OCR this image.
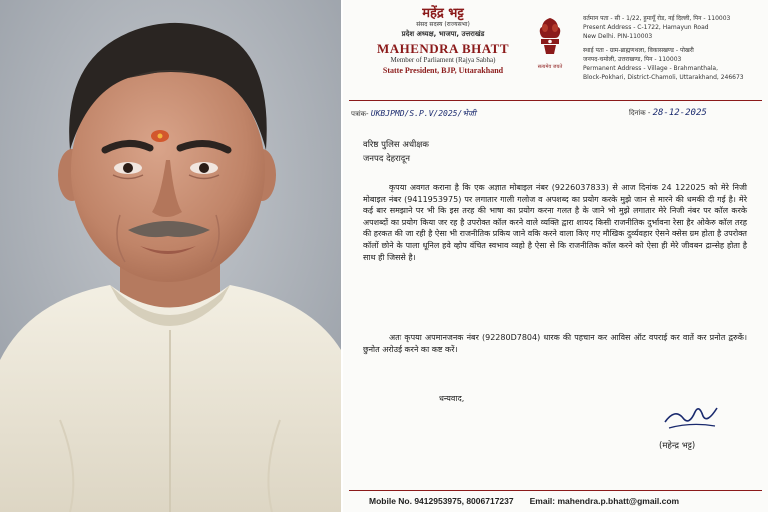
महेंद्र भट्ट
संसद सदस्य (राज्यसभा)
प्रदेश अध्यक्ष, भाजपा, उत्तराखंड
MAHENDRA BHATT
Member of Parliament (Rajya Sabha)
Statte President, BJP, Uttarakhand	सत्यमेव जयते
वर्तमान पता - सी - 1/22, हुमायूँ रोड, नई दिल्ली, पिन - 110003
Present Address - C-1722, Hamayun Road
New Delhi. PIN-110003
स्थाई पता - ग्राम-ब्राह्मणथला, विकासखण्ड - पोखरी
जनपद-चमोली, उत्तराखण्ड, पिन - 110003
Permanent Address - Village - Brahmanthala,
Block-Pokhari, District-Chamoli, Uttarakhand, 246673
पत्रांक- UKBJPMD/S.P.V/2025/भेजी	दिनांक - 28-12-2025
वरिष्ठ पुलिस अधीक्षक
जनपद देहरादून

कृपया अवगत कराना है कि एक अज्ञात मोबाइल नंबर (9226037833) से आज दिनांक 24 122025 को मेरे निजी मोबाइल नंबर (9411953975) पर लगातार गाली गलोज व अपशब्द का प्रयोग करके मुझे जान से मारने की धमकी दी गई है। मेरे कई बार समझाने पर भी कि इस तरह की भाषा का प्रयोग करना गलत है के जाने भो मुझे लगातार मेरे निजी नंबर पर कॉल करके अपशब्दों का प्रयोग किया जर रह है उपरोक्त कॉल करने वाले व्यक्ति द्वारा शायद किसी राजनीतिक दुर्भावना रेसा हैर ओकेरु कॉल तरह की हरकत की जा रही है ऐसा भी राजनीतिक प्रकिय जाने वकि करने वाला किए गए मौखिक दुर्व्यवहार ऐसने क्सेस ग्रम होता है उपरोक्त कॉलों छोने के पाला धूनिल हवे व्होप वंचित स्वभाव व्वहो है ऐसा से कि राजनीतिक कॉल करने को ऐसा ही मेरे जीवबन द्रान्सेह होता है साथ ही जिससे है।

अतः कृपया अपमानजनक नंबर (92280D7804) धारक की पहचान कर आविस ऑट वपराई कर वातें कर प्रनोत द्वरुकें। छुनोत अरोउई करने का कष्ट करें।

धन्यवाद,
(महेन्द्र भट्ट)
Mobile No. 9412953975, 8006717237 Email: mahendra.p.bhatt@gmail.com
